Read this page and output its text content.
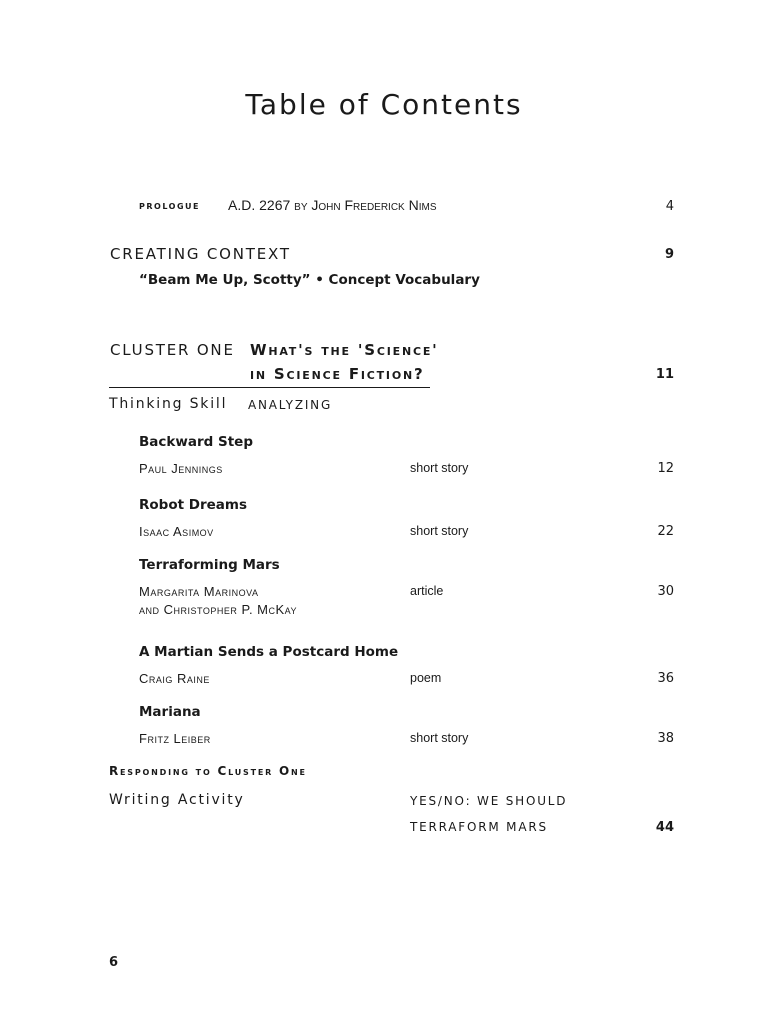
Table of Contents
prologue A.D. 2267 by John Frederick Nims	4
CREATING CONTEXT	9
“Beam Me Up, Scotty” • Concept Vocabulary
CLUSTER ONE What's the 'Science'
in Science Fiction?	11
Thinking Skill ANALYZING
Backward Step
Paul Jennings	short story	12
Robot Dreams
Isaac Asimov	short story	22
Terraforming Mars
Margarita Marinova
and Christopher P. McKay
article	30
A Martian Sends a Postcard Home
Craig Raine	poem	36
Mariana
Fritz Leiber	short story	38
Responding to Cluster One
Writing Activity	YES/NO: WE SHOULD
TERRAFORM MARS	44
6
